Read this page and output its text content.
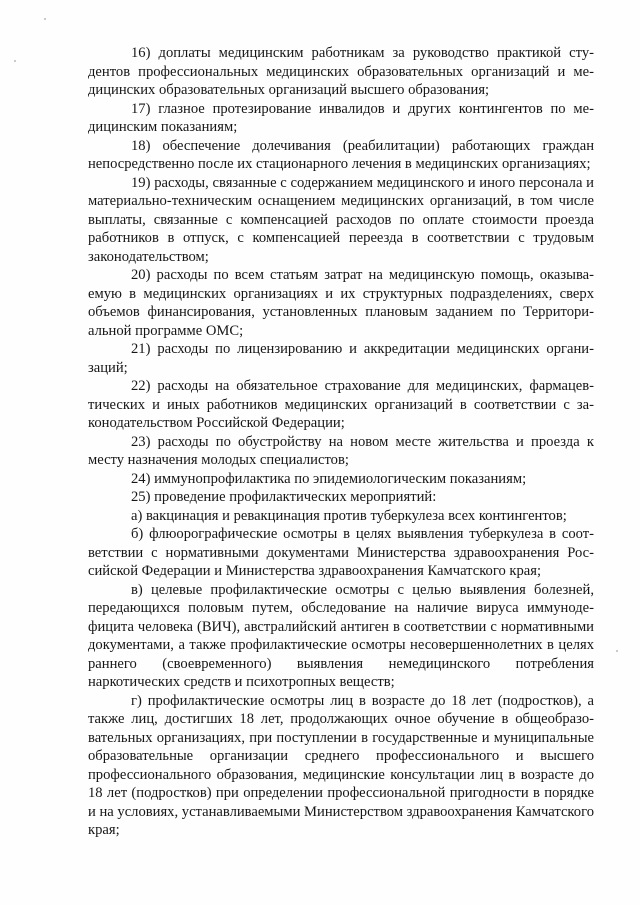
16) доплаты медицинским работникам за руководство практикой студентов профессиональных медицинских образовательных организаций и медицинских образовательных организаций высшего образования;

17) глазное протезирование инвалидов и других контингентов по медицинским показаниям;

18) обеспечение долечивания (реабилитации) работающих граждан непосредственно после их стационарного лечения в медицинских организациях;

19) расходы, связанные с содержанием медицинского и иного персонала и материально-техническим оснащением медицинских организаций, в том числе выплаты, связанные с компенсацией расходов по оплате стоимости проезда работников в отпуск, с компенсацией переезда в соответствии с трудовым законодательством;

20) расходы по всем статьям затрат на медицинскую помощь, оказываемую в медицинских организациях и их структурных подразделениях, сверх объемов финансирования, установленных плановым заданием по Территориальной программе ОМС;

21) расходы по лицензированию и аккредитации медицинских организаций;

22) расходы на обязательное страхование для медицинских, фармацевтических и иных работников медицинских организаций в соответствии с законодательством Российской Федерации;

23) расходы по обустройству на новом месте жительства и проезда к месту назначения молодых специалистов;

24) иммунопрофилактика по эпидемиологическим показаниям;

25) проведение профилактических мероприятий:

а) вакцинация и ревакцинация против туберкулеза всех контингентов;

б) флюорографические осмотры в целях выявления туберкулеза в соответствии с нормативными документами Министерства здравоохранения Российской Федерации и Министерства здравоохранения Камчатского края;

в) целевые профилактические осмотры с целью выявления болезней, передающихся половым путем, обследование на наличие вируса иммунодефицита человека (ВИЧ), австралийский антиген в соответствии с нормативными документами, а также профилактические осмотры несовершеннолетних в целях раннего (своевременного) выявления немедицинского потребления наркотических средств и психотропных веществ;

г) профилактические осмотры лиц в возрасте до 18 лет (подростков), а также лиц, достигших 18 лет, продолжающих очное обучение в общеобразовательных организациях, при поступлении в государственные и муниципальные образовательные организации среднего профессионального и высшего профессионального образования, медицинские консультации лиц в возрасте до 18 лет (подростков) при определении профессиональной пригодности в порядке и на условиях, устанавливаемыми Министерством здравоохранения Камчатского края;
